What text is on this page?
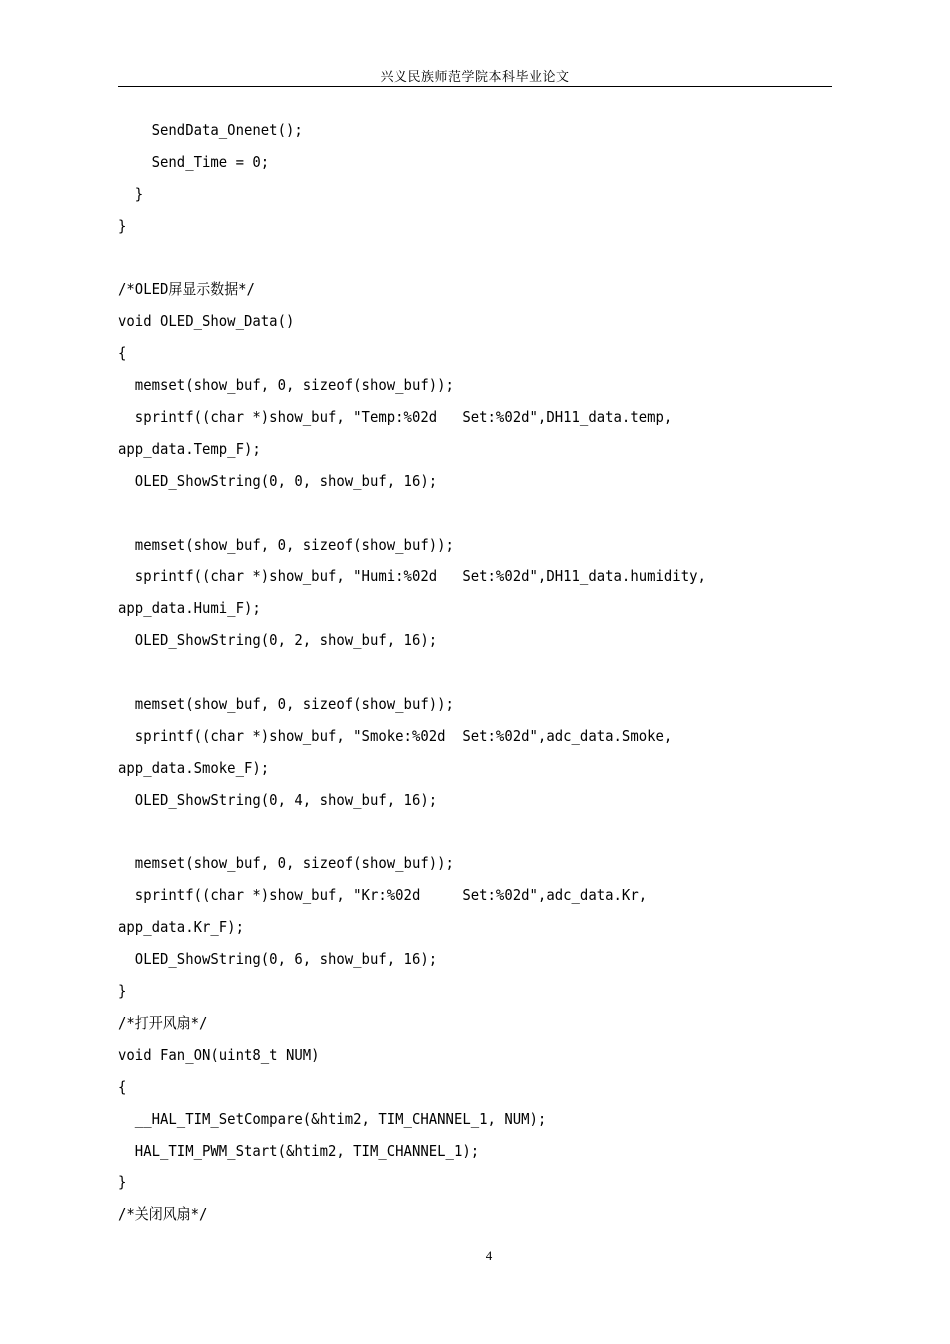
兴义民族师范学院本科毕业论文
SendData_Onenet();
Send_Time = 0;
}
}
/*OLED屏显示数据*/
void OLED_Show_Data()
{
memset(show_buf, 0, sizeof(show_buf));
sprintf((char *)show_buf, "Temp:%02d   Set:%02d",DH11_data.temp,
app_data.Temp_F);
OLED_ShowString(0, 0, show_buf, 16);
memset(show_buf, 0, sizeof(show_buf));
sprintf((char *)show_buf, "Humi:%02d   Set:%02d",DH11_data.humidity,
app_data.Humi_F);
OLED_ShowString(0, 2, show_buf, 16);
memset(show_buf, 0, sizeof(show_buf));
sprintf((char *)show_buf, "Smoke:%02d  Set:%02d",adc_data.Smoke,
app_data.Smoke_F);
OLED_ShowString(0, 4, show_buf, 16);
memset(show_buf, 0, sizeof(show_buf));
sprintf((char *)show_buf, "Kr:%02d     Set:%02d",adc_data.Kr,
app_data.Kr_F);
OLED_ShowString(0, 6, show_buf, 16);
}
/*打开风扇*/
void Fan_ON(uint8_t NUM)
{
__HAL_TIM_SetCompare(&htim2, TIM_CHANNEL_1, NUM);
HAL_TIM_PWM_Start(&htim2, TIM_CHANNEL_1);
}
/*关闭风扇*/
4
